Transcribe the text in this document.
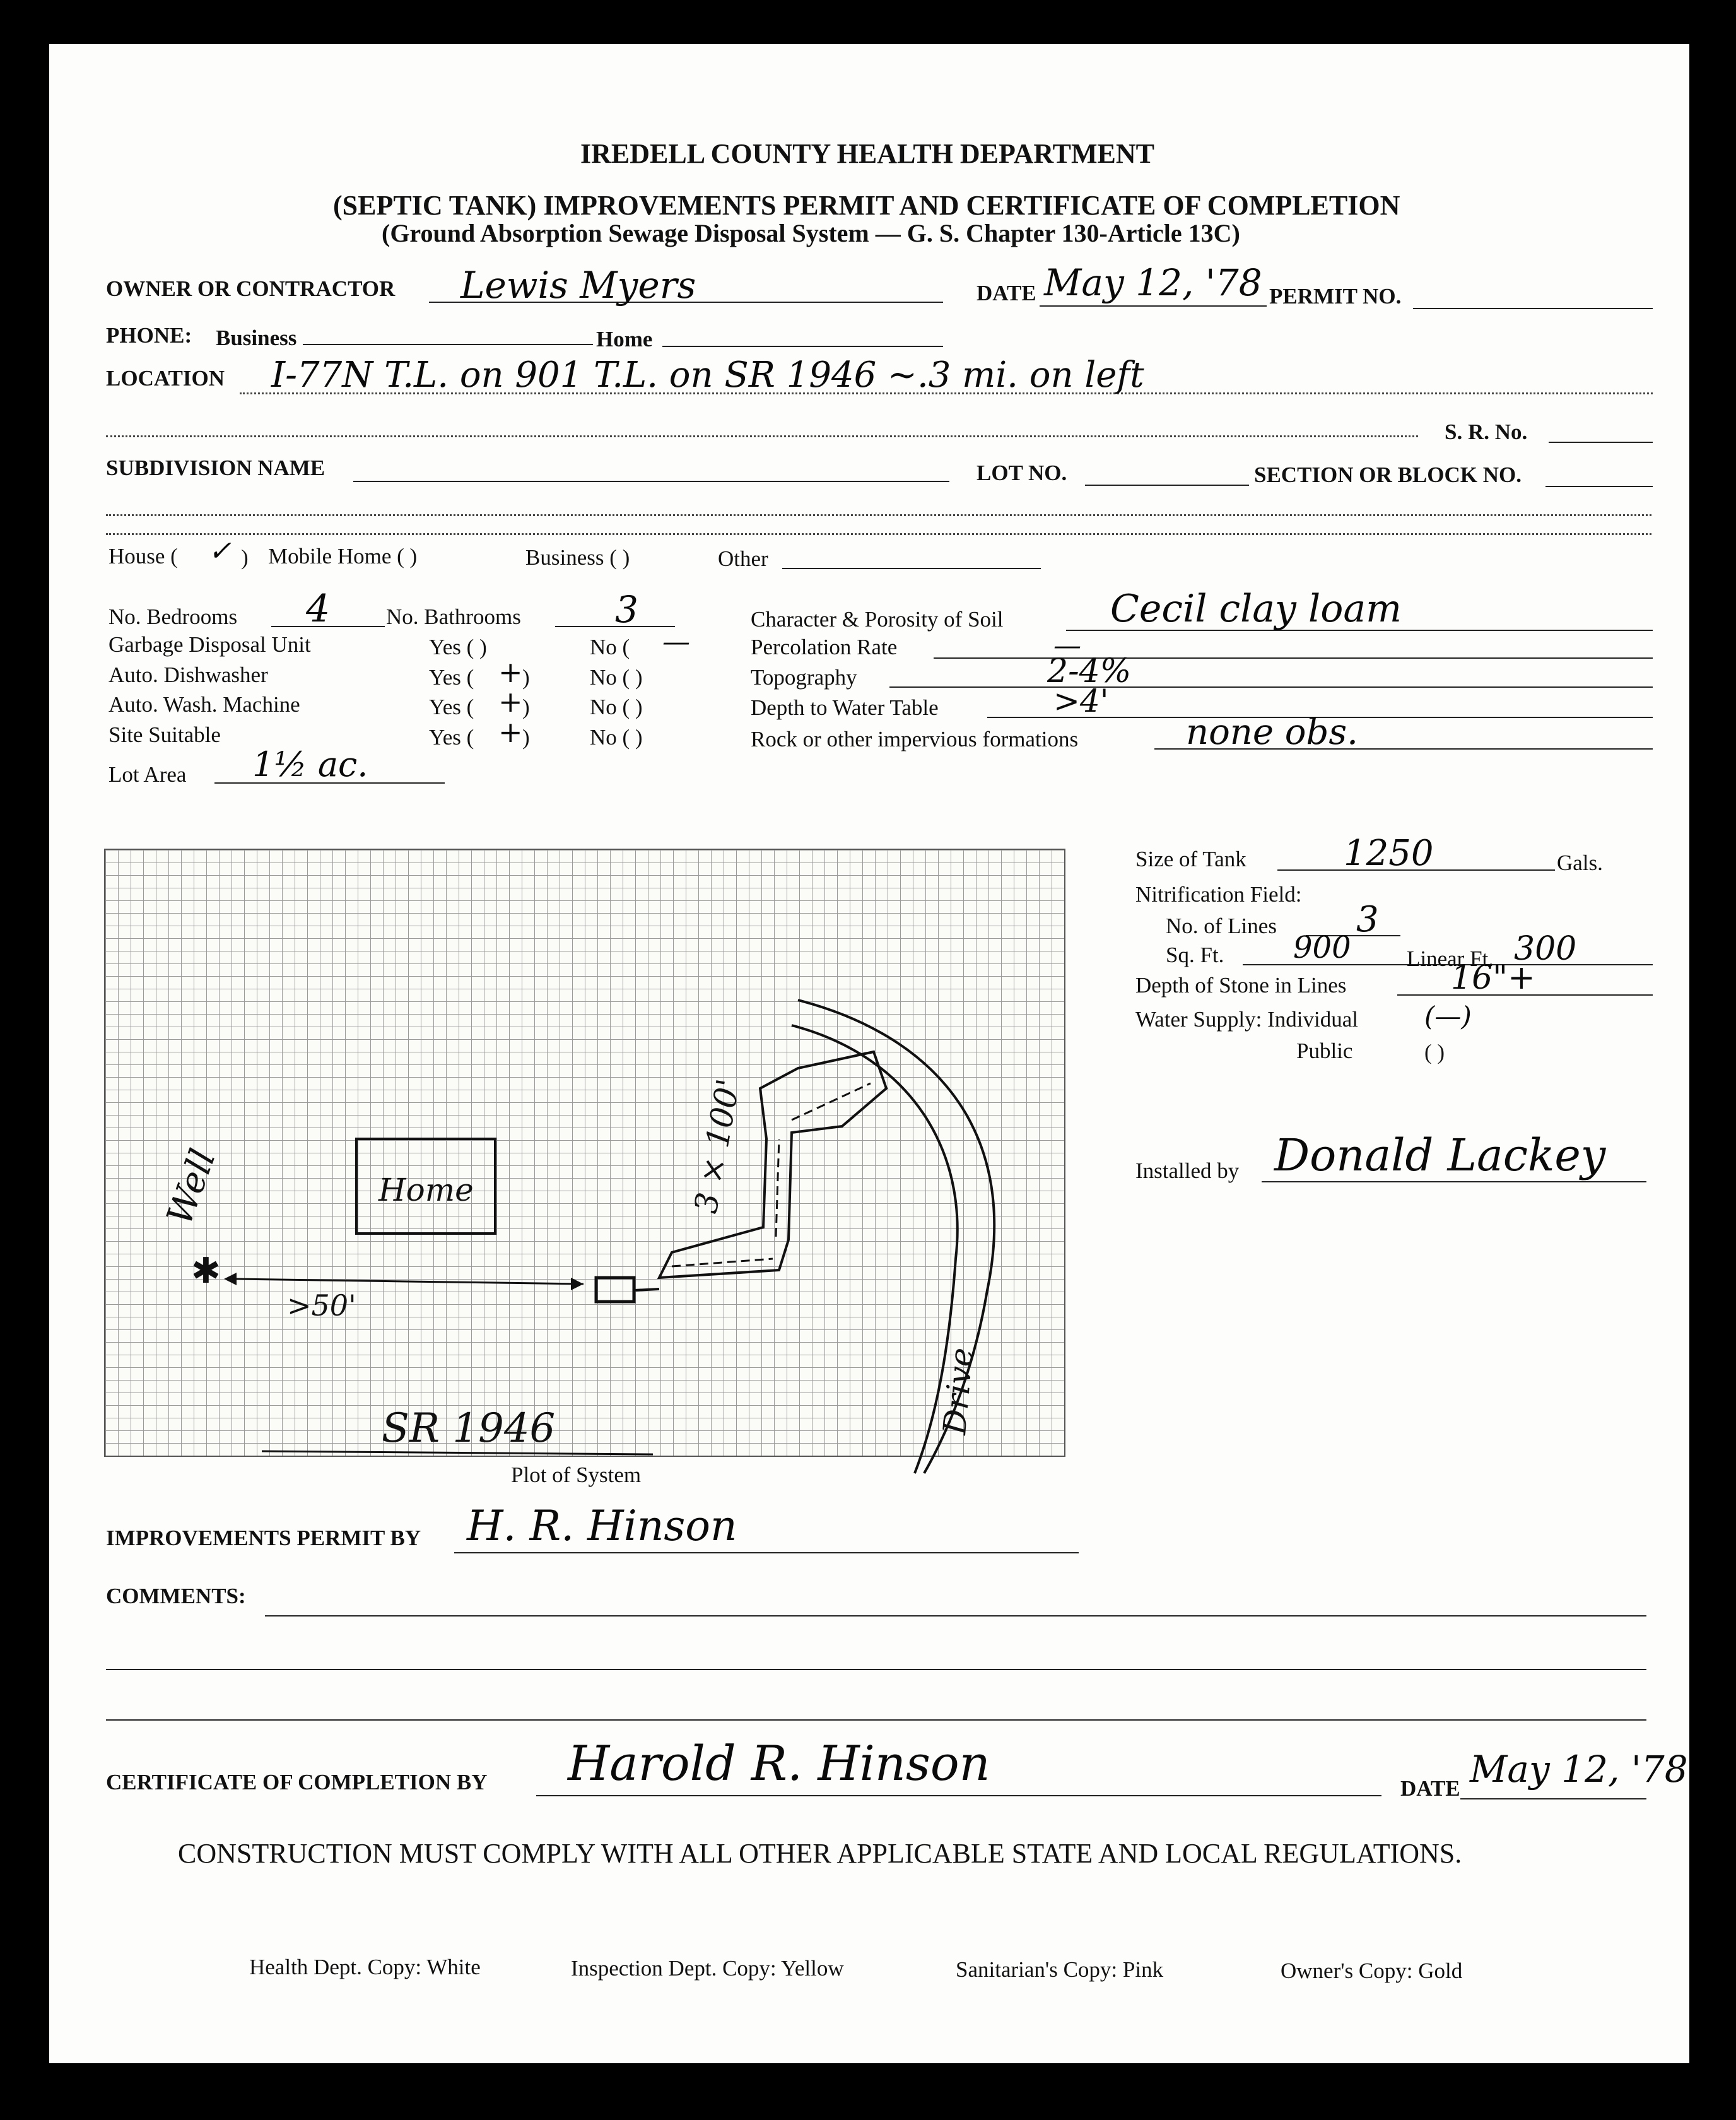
IREDELL COUNTY HEALTH DEPARTMENT
(SEPTIC TANK) IMPROVEMENTS PERMIT AND CERTIFICATE OF COMPLETION
(Ground Absorption Sewage Disposal System — G. S. Chapter 130-Article 13C)
OWNER OR CONTRACTOR Lewis Myers	DATE May 12, '78 PERMIT NO.
PHONE: Business	Home
LOCATION I-77N T.L. on 901 T.L. on SR 1946 ~.3 mi. on left
S. R. No.
SUBDIVISION NAME	LOT NO.	SECTION OR BLOCK NO.
House ( ✓ ) Mobile Home ( )	Business ( )	Other
No. Bedrooms 4	No. Bathrooms	3
Garbage Disposal Unit	Yes ( )	No ( —
Auto. Dishwasher	Yes ( + )	No ( )
Auto. Wash. Machine	Yes ( + )	No ( )
Site Suitable	Yes ( + )	No ( )
Lot Area 1½ ac.
Character & Porosity of Soil	Cecil clay loam
Percolation Rate	—
Topography	2-4%
Depth to Water Table	>4'
Rock or other impervious formations	none obs.
Size of Tank	1250	Gals.
Nitrification Field:
No. of Lines 3
Sq. Ft. 900	Linear Ft. 300
Depth of Stone in Lines	16"+
Water Supply: Individual	(—)
Public	( )
Installed by Donald Lackey
Home
Well
✱
>50'
3 × 100'
Drive
SR 1946
Plot of System
IMPROVEMENTS PERMIT BY H. R. Hinson
COMMENTS:
CERTIFICATE OF COMPLETION BY Harold R. Hinson	DATE May 12, '78
CONSTRUCTION MUST COMPLY WITH ALL OTHER APPLICABLE STATE AND LOCAL REGULATIONS.
Health Dept. Copy: White	Inspection Dept. Copy: Yellow	Sanitarian's Copy: Pink	Owner's Copy: Gold
